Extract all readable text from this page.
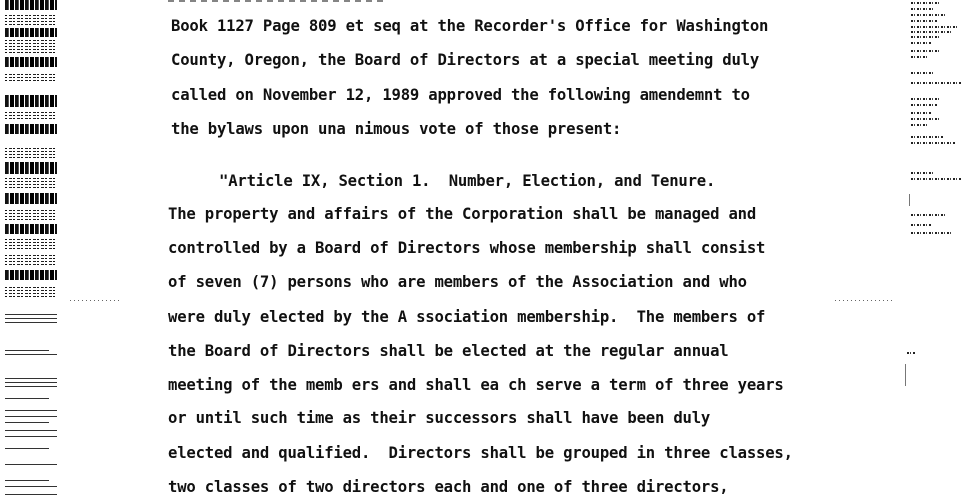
Book 1127 Page 809 et seq at the Recorder's Office for Washington
County, Oregon, the Board of Directors at a special meeting duly
called on November 12, 1989 approved the following amendemnt to
the bylaws upon una nimous vote of those present:
"Article IX, Section 1.  Number, Election, and Tenure.
The property and affairs of the Corporation shall be managed and
controlled by a Board of Directors whose membership shall consist
of seven (7) persons who are members of the Association and who
were duly elected by the A ssociation membership.  The members of
the Board of Directors shall be elected at the regular annual
meeting of the memb ers and shall ea ch serve a term of three years
or until such time as their successors shall have been duly
elected and qualified.  Directors shall be grouped in three classes,
two classes of two directors each and one of three directors,
